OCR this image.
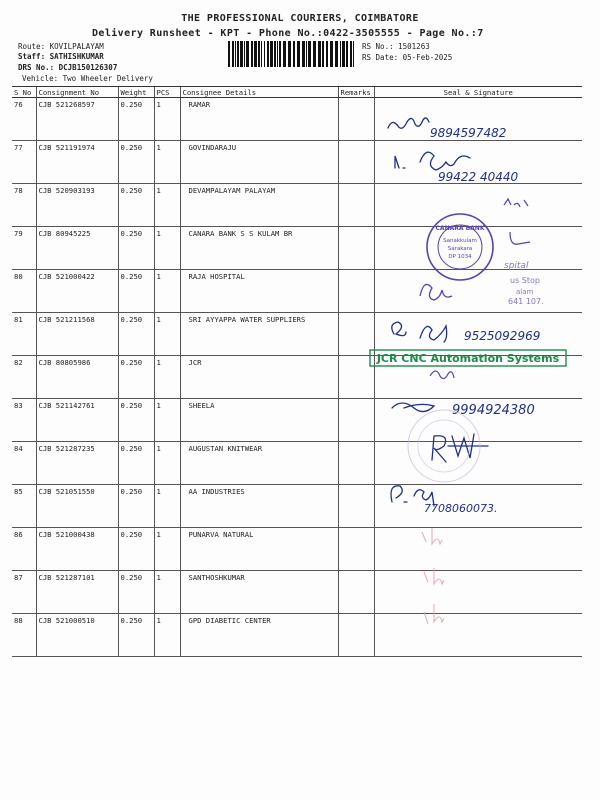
THE PROFESSIONAL COURIERS, COIMBATORE
Delivery Runsheet - KPT - Phone No.:0422-3505555 - Page No.:7
Route: KOVILPALAYAM
Staff: SATHISHKUMAR
DRS No.: DCJB150126307
Vehicle: Two Wheeler Delivery
RS No.: 1501263
RS Date: 05-Feb-2025
S No	Consignment No	Weight	PCS	Consignee Details	Remarks	Seal & Signature
76	CJB 521268597	0.250	1	RAMAR		
77	CJB 521191974	0.250	1	GOVINDARAJU		
78	CJB 520903193	0.250	1	DEVAMPALAYAM PALAYAM		
79	CJB 80945225	0.250	1	CANARA BANK S S KULAM BR		
80	CJB 521000422	0.250	1	RAJA HOSPITAL		
81	CJB 521211568	0.250	1	SRI AYYAPPA WATER SUPPLIERS		
82	CJB 80805986	0.250	1	JCR		
83	CJB 521142761	0.250	1	SHEELA		
84	CJB 521287235	0.250	1	AUGUSTAN KNITWEAR		
85	CJB 521051550	0.250	1	AA INDUSTRIES		
86	CJB 521000438	0.250	1	PUNARVA NATURAL		
87	CJB 521287101	0.250	1	SANTHOSHKUMAR		
88	CJB 521000510	0.250	1	GPD DIABETIC CENTER		
9894597482
99422 40440
9525092969
9994924380
7708060073.
CANARA BANK
Sanakkulam
Sarakara
DP 1034
spital
us Stop
alam
641 107.
JCR CNC Automation Systems
